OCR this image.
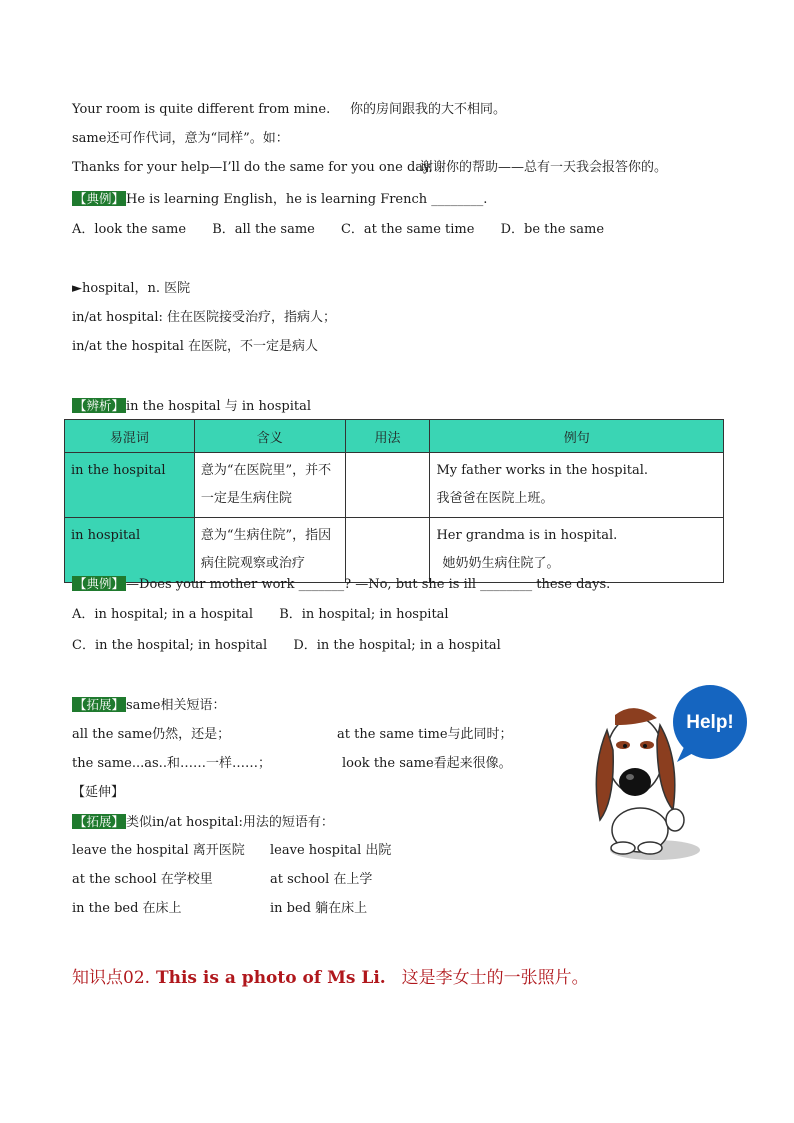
Your room is quite different from mine. 你的房间跟我的大不相同。
same还可作代词，意为“同样”。如：
Thanks for your help—I’ll do the same for you one day.
谢谢你的帮助——总有一天我会报答你的。
【典例】 He is learning English，he is learning French ________.
A．look the same B．all the same C．at the same time D．be the same
►hospital，n. 医院
in/at hospital: 住在医院接受治疗，指病人；
in/at the hospital 在医院，不一定是病人
【辨析】 in the hospital 与 in hospital
易混词	含义	用法	例句
in the hospital	意为“在医院里”，并不一定是生病住院		My father works in the hospital.
我爸爸在医院上班。

in hospital	意为“生病住院”，指因病住院观察或治疗		Her grandma is in hospital.
她奶奶生病住院了。
【典例】 —Does your mother work _______? —No, but she is ill ________ these days.
A．in hospital; in a hospital B．in hospital; in hospital
C．in the hospital; in hospital D．in the hospital; in a hospital
【拓展】 same相关短语：
all the same仍然，还是；	at the same time与此同时；
the same...as..和……一样……；	look the same看起来很像。
【延伸】
【拓展】 类似in/at hospital:用法的短语有：
leave the hospital 离开医院 leave hospital 出院
at the school 在学校里	at school 在上学
in the bed 在床上	in bed 躺在床上
知识点02. This is a photo of Ms Li. 这是李女士的一张照片。
Help!
